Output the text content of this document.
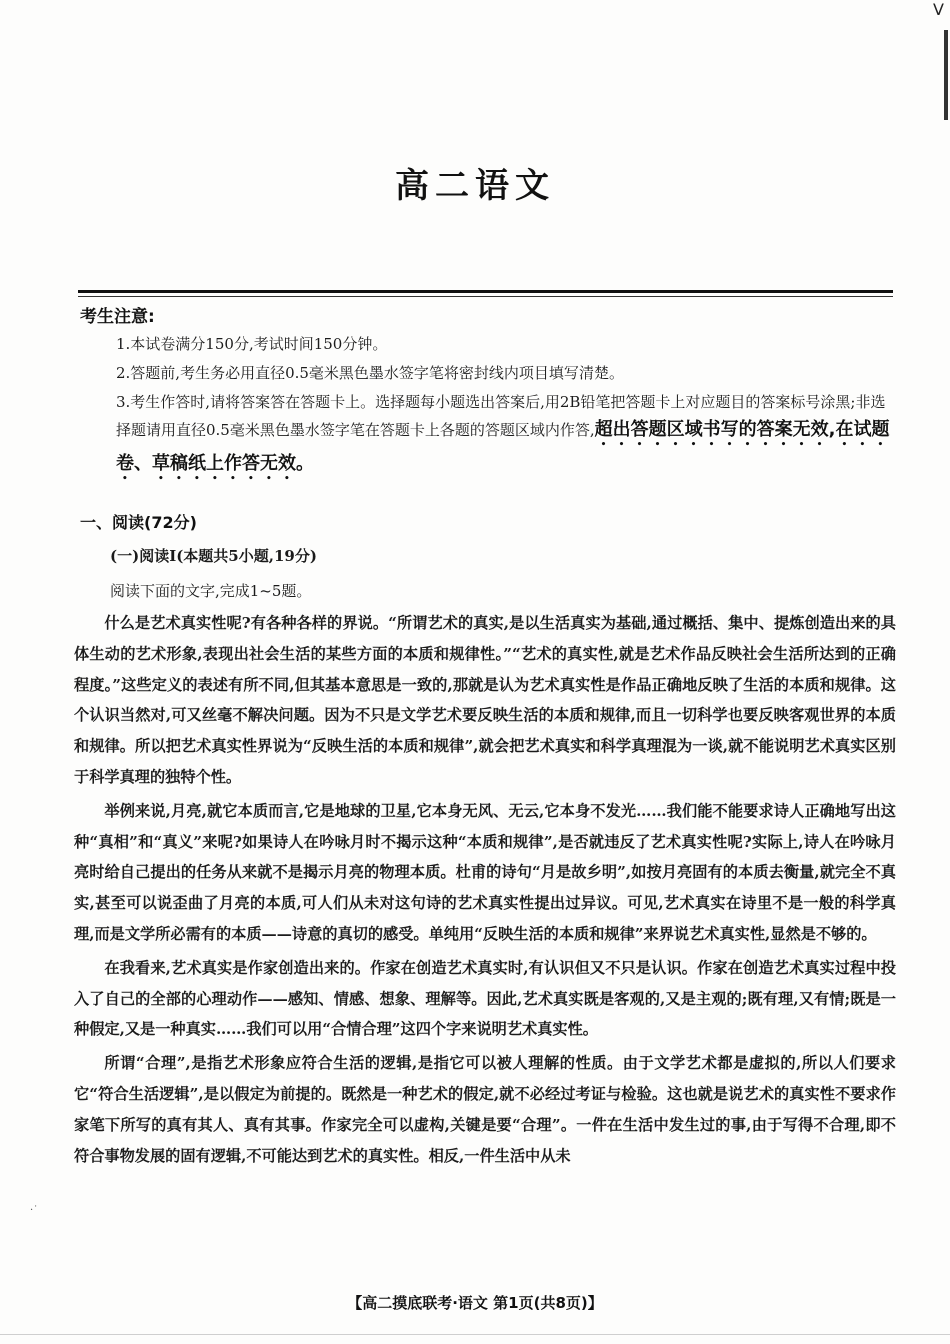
V
·˙
高二语文
考生注意:
1.本试卷满分150分,考试时间150分钟。
2.答题前,考生务必用直径0.5毫米黑色墨水签字笔将密封线内项目填写清楚。
3.考生作答时,请将答案答在答题卡上。选择题每小题选出答案后,用2B铅笔把答题卡上对应题目的答案标号涂黑;非选择题请用直径0.5毫米黑色墨水签字笔在答题卡上各题的答题区域内作答,超出答题区域书写的答案无效,在试题卷、草稿纸上作答无效。
一、阅读(72分)
(一)阅读Ⅰ(本题共5小题,19分)
阅读下面的文字,完成1~5题。

什么是艺术真实性呢?有各种各样的界说。“所谓艺术的真实,是以生活真实为基础,通过概括、集中、提炼创造出来的具体生动的艺术形象,表现出社会生活的某些方面的本质和规律性。”“艺术的真实性,就是艺术作品反映社会生活所达到的正确程度。”这些定义的表述有所不同,但其基本意思是一致的,那就是认为艺术真实性是作品正确地反映了生活的本质和规律。这个认识当然对,可又丝毫不解决问题。因为不只是文学艺术要反映生活的本质和规律,而且一切科学也要反映客观世界的本质和规律。所以把艺术真实性界说为“反映生活的本质和规律”,就会把艺术真实和科学真理混为一谈,就不能说明艺术真实区别于科学真理的独特个性。

举例来说,月亮,就它本质而言,它是地球的卫星,它本身无风、无云,它本身不发光……我们能不能要求诗人正确地写出这种“真相”和“真义”来呢?如果诗人在吟咏月时不揭示这种“本质和规律”,是否就违反了艺术真实性呢?实际上,诗人在吟咏月亮时给自己提出的任务从来就不是揭示月亮的物理本质。杜甫的诗句“月是故乡明”,如按月亮固有的本质去衡量,就完全不真实,甚至可以说歪曲了月亮的本质,可人们从未对这句诗的艺术真实性提出过异议。可见,艺术真实在诗里不是一般的科学真理,而是文学所必需有的本质——诗意的真切的感受。单纯用“反映生活的本质和规律”来界说艺术真实性,显然是不够的。

在我看来,艺术真实是作家创造出来的。作家在创造艺术真实时,有认识但又不只是认识。作家在创造艺术真实过程中投入了自己的全部的心理动作——感知、情感、想象、理解等。因此,艺术真实既是客观的,又是主观的;既有理,又有情;既是一种假定,又是一种真实……我们可以用“合情合理”这四个字来说明艺术真实性。

所谓“合理”,是指艺术形象应符合生活的逻辑,是指它可以被人理解的性质。由于文学艺术都是虚拟的,所以人们要求它“符合生活逻辑”,是以假定为前提的。既然是一种艺术的假定,就不必经过考证与检验。这也就是说艺术的真实性不要求作家笔下所写的真有其人、真有其事。作家完全可以虚构,关键是要“合理”。一件在生活中发生过的事,由于写得不合理,即不符合事物发展的固有逻辑,不可能达到艺术的真实性。相反,一件生活中从未

【高二摸底联考·语文 第1页(共8页)】
